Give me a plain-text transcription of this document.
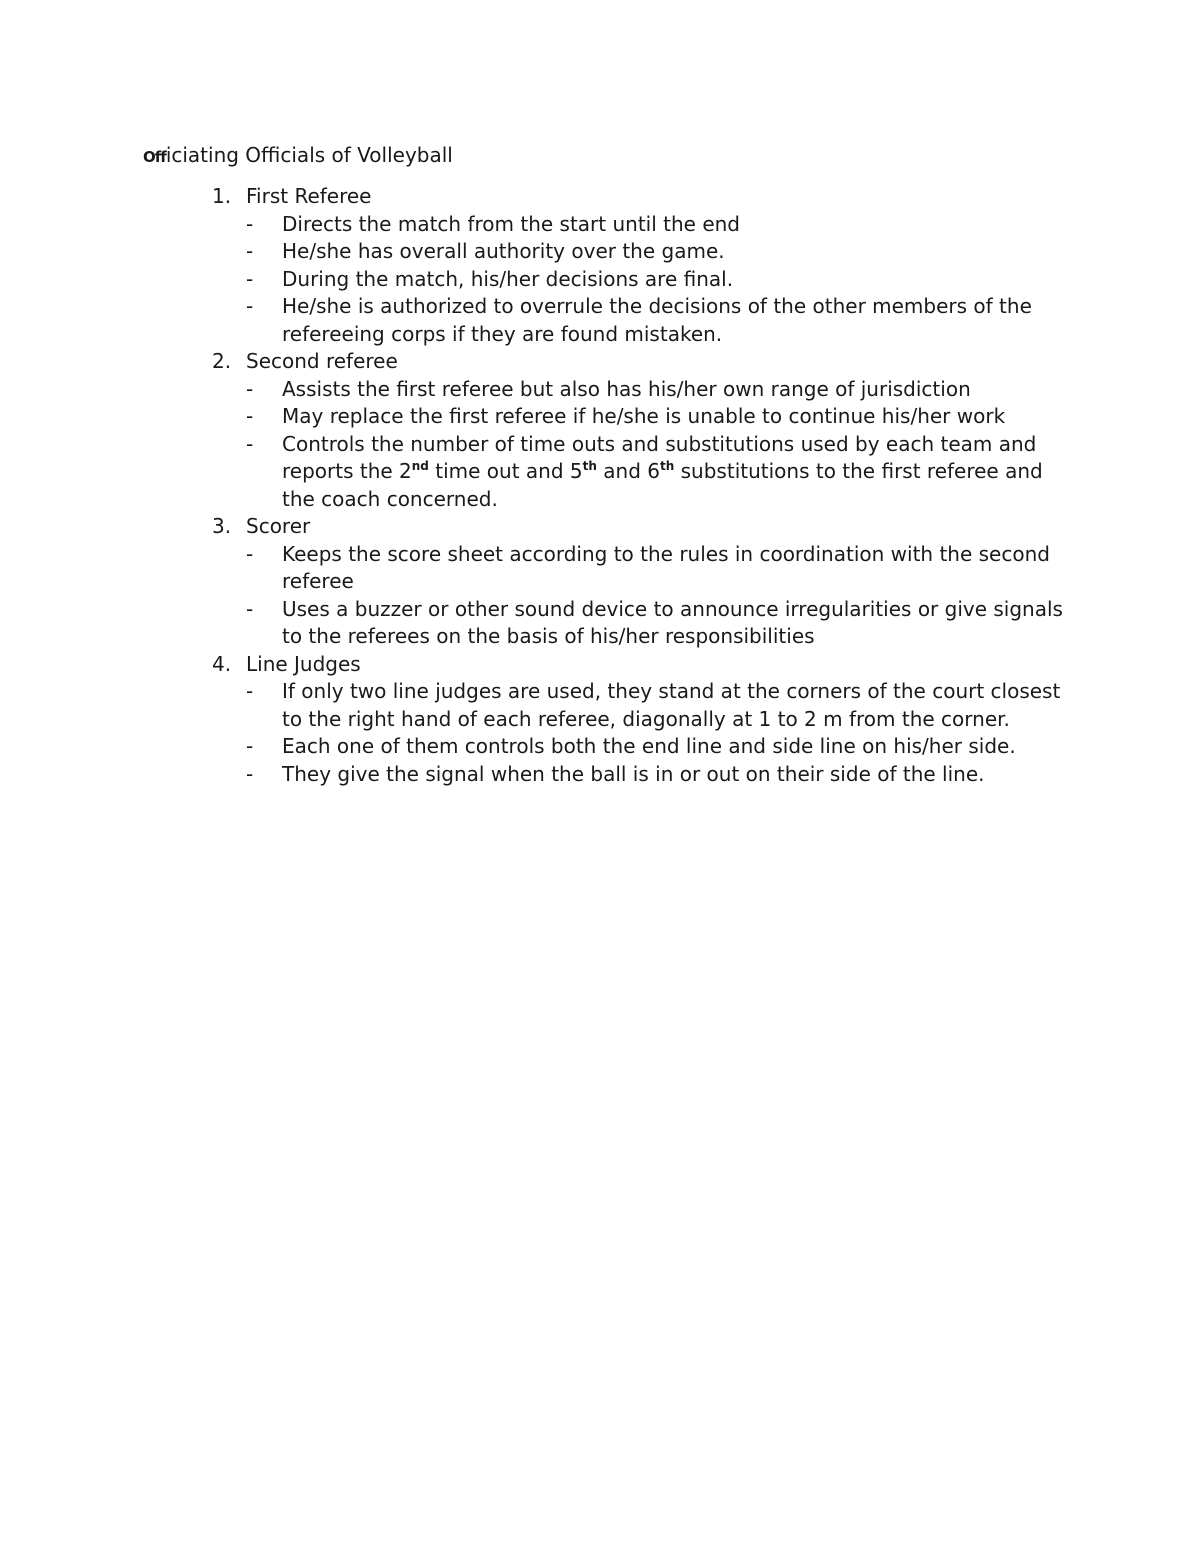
Officiating Officials of Volleyball
1. First Referee
- Directs the match from the start until the end
- He/she has overall authority over the game.
- During the match, his/her decisions are final.
- He/she is authorized to overrule the decisions of the other members of the refereeing corps if they are found mistaken.
2. Second referee
- Assists the first referee but also has his/her own range of jurisdiction
- May replace the first referee if he/she is unable to continue his/her work
- Controls the number of time outs and substitutions used by each team and reports the 2nd time out and 5th and 6th substitutions to the first referee and the coach concerned.
3. Scorer
- Keeps the score sheet according to the rules in coordination with the second referee
- Uses a buzzer or other sound device to announce irregularities or give signals to the referees on the basis of his/her responsibilities
4. Line Judges
- If only two line judges are used, they stand at the corners of the court closest to the right hand of each referee, diagonally at 1 to 2 m from the corner.
- Each one of them controls both the end line and side line on his/her side.
- They give the signal when the ball is in or out on their side of the line.
